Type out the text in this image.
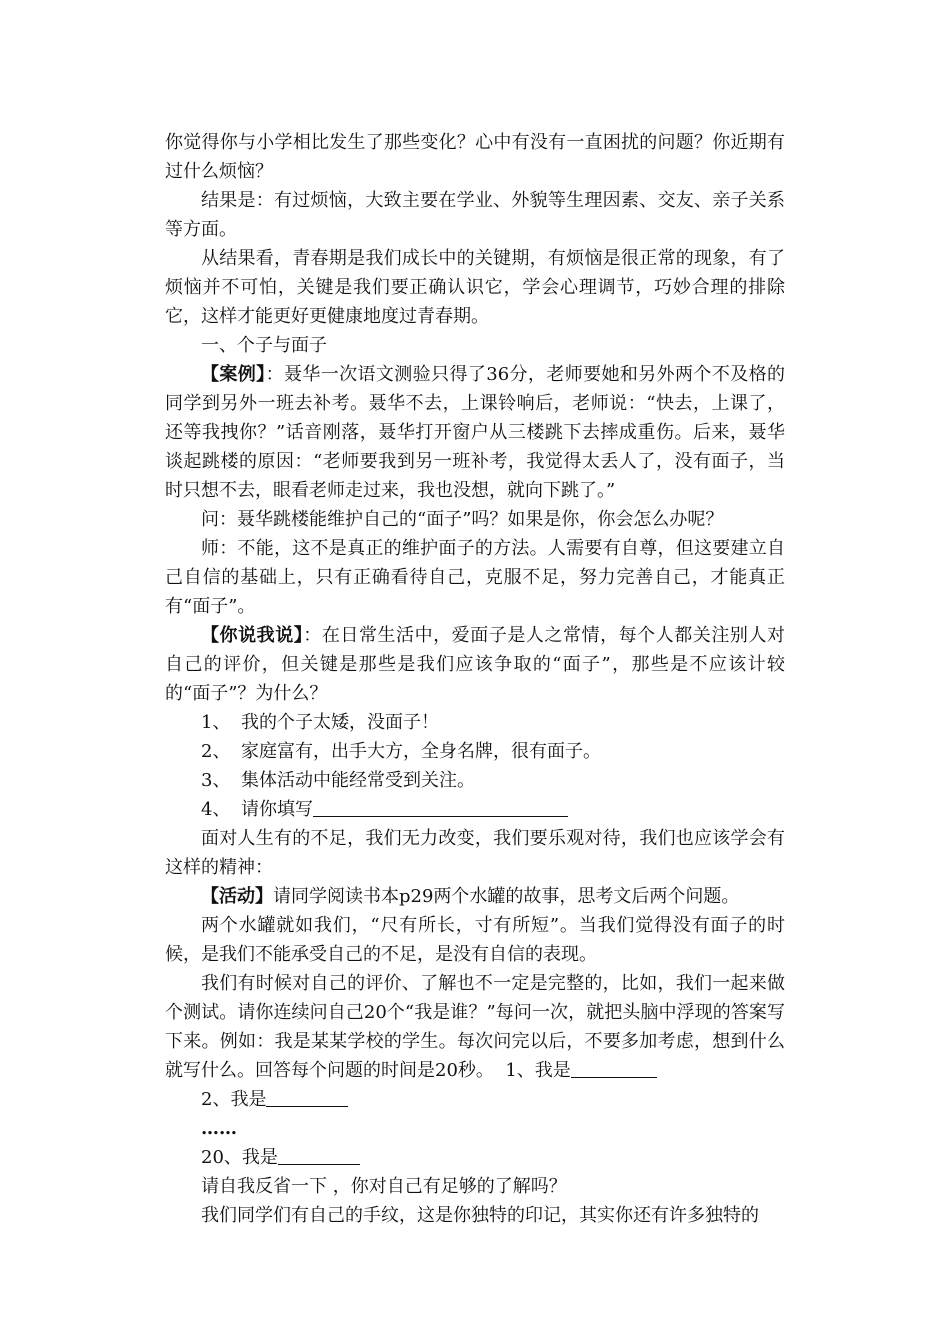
你觉得你与小学相比发生了那些变化？心中有没有一直困扰的问题？你近期有过什么烦恼？

结果是：有过烦恼，大致主要在学业、外貌等生理因素、交友、亲子关系等方面。

从结果看，青春期是我们成长中的关键期，有烦恼是很正常的现象，有了烦恼并不可怕，关键是我们要正确认识它，学会心理调节，巧妙合理的排除它，这样才能更好更健康地度过青春期。

一、个子与面子

【案例】：聂华一次语文测验只得了36分，老师要她和另外两个不及格的同学到另外一班去补考。聂华不去，上课铃响后，老师说：“快去，上课了，还等我拽你？”话音刚落，聂华打开窗户从三楼跳下去摔成重伤。后来，聂华谈起跳楼的原因：“老师要我到另一班补考，我觉得太丢人了，没有面子，当时只想不去，眼看老师走过来，我也没想，就向下跳了。”

问：聂华跳楼能维护自己的“面子”吗？如果是你，你会怎么办呢？

师：不能，这不是真正的维护面子的方法。人需要有自尊，但这要建立自己自信的基础上，只有正确看待自己，克服不足，努力完善自己，才能真正有“面子”。

【你说我说】：在日常生活中，爱面子是人之常情，每个人都关注别人对自己的评价，但关键是那些是我们应该争取的“面子”，那些是不应该计较的“面子”？为什么？

1、 我的个子太矮，没面子！

2、 家庭富有，出手大方，全身名牌，很有面子。

3、 集体活动中能经常受到关注。

4、 请你填写

面对人生有的不足，我们无力改变，我们要乐观对待，我们也应该学会有这样的精神：

【活动】请同学阅读书本p29两个水罐的故事，思考文后两个问题。

两个水罐就如我们，“尺有所长，寸有所短”。当我们觉得没有面子的时候，是我们不能承受自己的不足，是没有自信的表现。

我们有时候对自己的评价、了解也不一定是完整的，比如，我们一起来做个测试。请你连续问自己20个“我是谁？”每问一次，就把头脑中浮现的答案写下来。例如：我是某某学校的学生。每次问完以后，不要多加考虑，想到什么就写什么。回答每个问题的时间是20秒。 1、我是

2、我是

……

20、我是

请自我反省一下 ，你对自己有足够的了解吗？

我们同学们有自己的手纹，这是你独特的印记，其实你还有许多独特的
